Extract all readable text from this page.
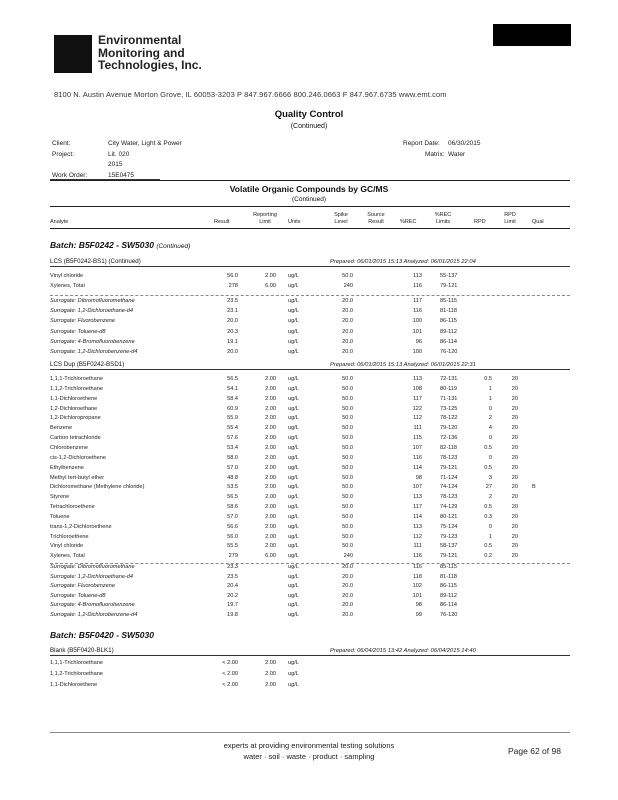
Environmental
Monitoring and
Technologies, Inc.
8100 N. Austin Avenue Morton Grove, IL 60053-3203 P 847.967.6666 800.246.0663 F 847.967.6735 www.emt.com
Quality Control
(Continued)
Client:	City Water, Light & Power
Project:	Lit. 020
2015
Work Order:	15E0475
Report Date: 06/30/2015
Matrix: Water
Volatile Organic Compounds by GC/MS
(Continued)
Analyte	Result
Reporting
Limit	Units
Spike
Level
Source
Result	%REC
%REC
Limits	RPD
RPD
Limit	Qual
Batch: B5F0242 - SW5030 (Continued)
LCS (B5F0242-BS1) (Continued)	Prepared: 06/01/2015 15:13 Analyzed: 06/01/2015 22:04
Vinyl chloride	56.0	2.00 ug/L	50.0	113	55-137
Xylenes, Total	278	6.00 ug/L	240	116	79-121
Surrogate: Dibromofluoromethane	23.5	ug/L	20.0	117	85-115
Surrogate: 1,2-Dichloroethane-d4	23.1	ug/L	20.0	116	81-118
Surrogate: Fluorobenzene	20.0	ug/L	20.0	100	86-115
Surrogate: Toluene-d8	20.3	ug/L	20.0	101	89-112
Surrogate: 4-Bromofluorobenzene	19.1	ug/L	20.0	96	86-114
Surrogate: 1,2-Dichlorobenzene-d4	20.0	ug/L	20.0	100	76-120
LCS Dup (B5F0242-BSD1)	Prepared: 06/01/2015 15:13 Analyzed: 06/01/2015 22:31
1,1,1-Trichloroethane	56.5	2.00 ug/L	50.0	113	72-131	0.5	20
1,1,2-Trichloroethane	54.1	2.00 ug/L	50.0	108	80-119	1	20
1,1-Dichloroethene	58.4	2.00 ug/L	50.0	117	71-131	1	20
1,2-Dichloroethane	60.9	2.00 ug/L	50.0	122	73-125	0	20
1,2-Dichloropropane	55.9	2.00 ug/L	50.0	112	78-122	2	20
Benzene	55.4	2.00 ug/L	50.0	111	79-120	4	20
Carbon tetrachloride	57.6	2.00 ug/L	50.0	115	72-136	0	20
Chlorobenzene	53.4	2.00 ug/L	50.0	107	82-118	0.5	20
cis-1,2-Dichloroethene	58.0	2.00 ug/L	50.0	116	78-123	0	20
Ethylbenzene	57.0	2.00 ug/L	50.0	114	79-121	0.5	20
Methyl tert-butyl ether	48.8	2.00 ug/L	50.0	98	71-124	3	20
Dichloromethane (Methylene chloride)	53.5	2.00 ug/L	50.0	107	74-124	27	20	B
Styrene	56.5	2.00 ug/L	50.0	113	78-123	2	20
Tetrachloroethene	58.6	2.00 ug/L	50.0	117	74-129	0.5	20
Toluene	57.0	2.00 ug/L	50.0	114	80-121	0.3	20
trans-1,2-Dichloroethene	56.6	2.00 ug/L	50.0	113	75-124	0	20
Trichloroethene	56.0	2.00 ug/L	50.0	112	79-123	1	20
Vinyl chloride	55.5	2.00 ug/L	50.0	111	58-137	0.5	20
Xylenes, Total	279	6.00 ug/L	240	116	79-121	0.2	20
Surrogate: Dibromofluoromethane	23.3	ug/L	20.0	116	85-115
Surrogate: 1,2-Dichloroethane-d4	23.5	ug/L	20.0	118	81-118
Surrogate: Fluorobenzene	20.4	ug/L	20.0	102	86-115
Surrogate: Toluene-d8	20.2	ug/L	20.0	101	89-112
Surrogate: 4-Bromofluorobenzene	19.7	ug/L	20.0	98	86-114
Surrogate: 1,2-Dichlorobenzene-d4	19.8	ug/L	20.0	99	76-120
Batch: B5F0420 - SW5030
Blank (B5F0420-BLK1)	Prepared: 06/04/2015 13:42 Analyzed: 06/04/2015 14:40
1,1,1-Trichloroethane	< 2.00	2.00 ug/L
1,1,2-Trichloroethane	< 2.00	2.00 ug/L
1,1-Dichloroethene	< 2.00	2.00 ug/L
experts at providing environmental testing solutions
water · soil · waste · product · sampling
Page 62 of 98
